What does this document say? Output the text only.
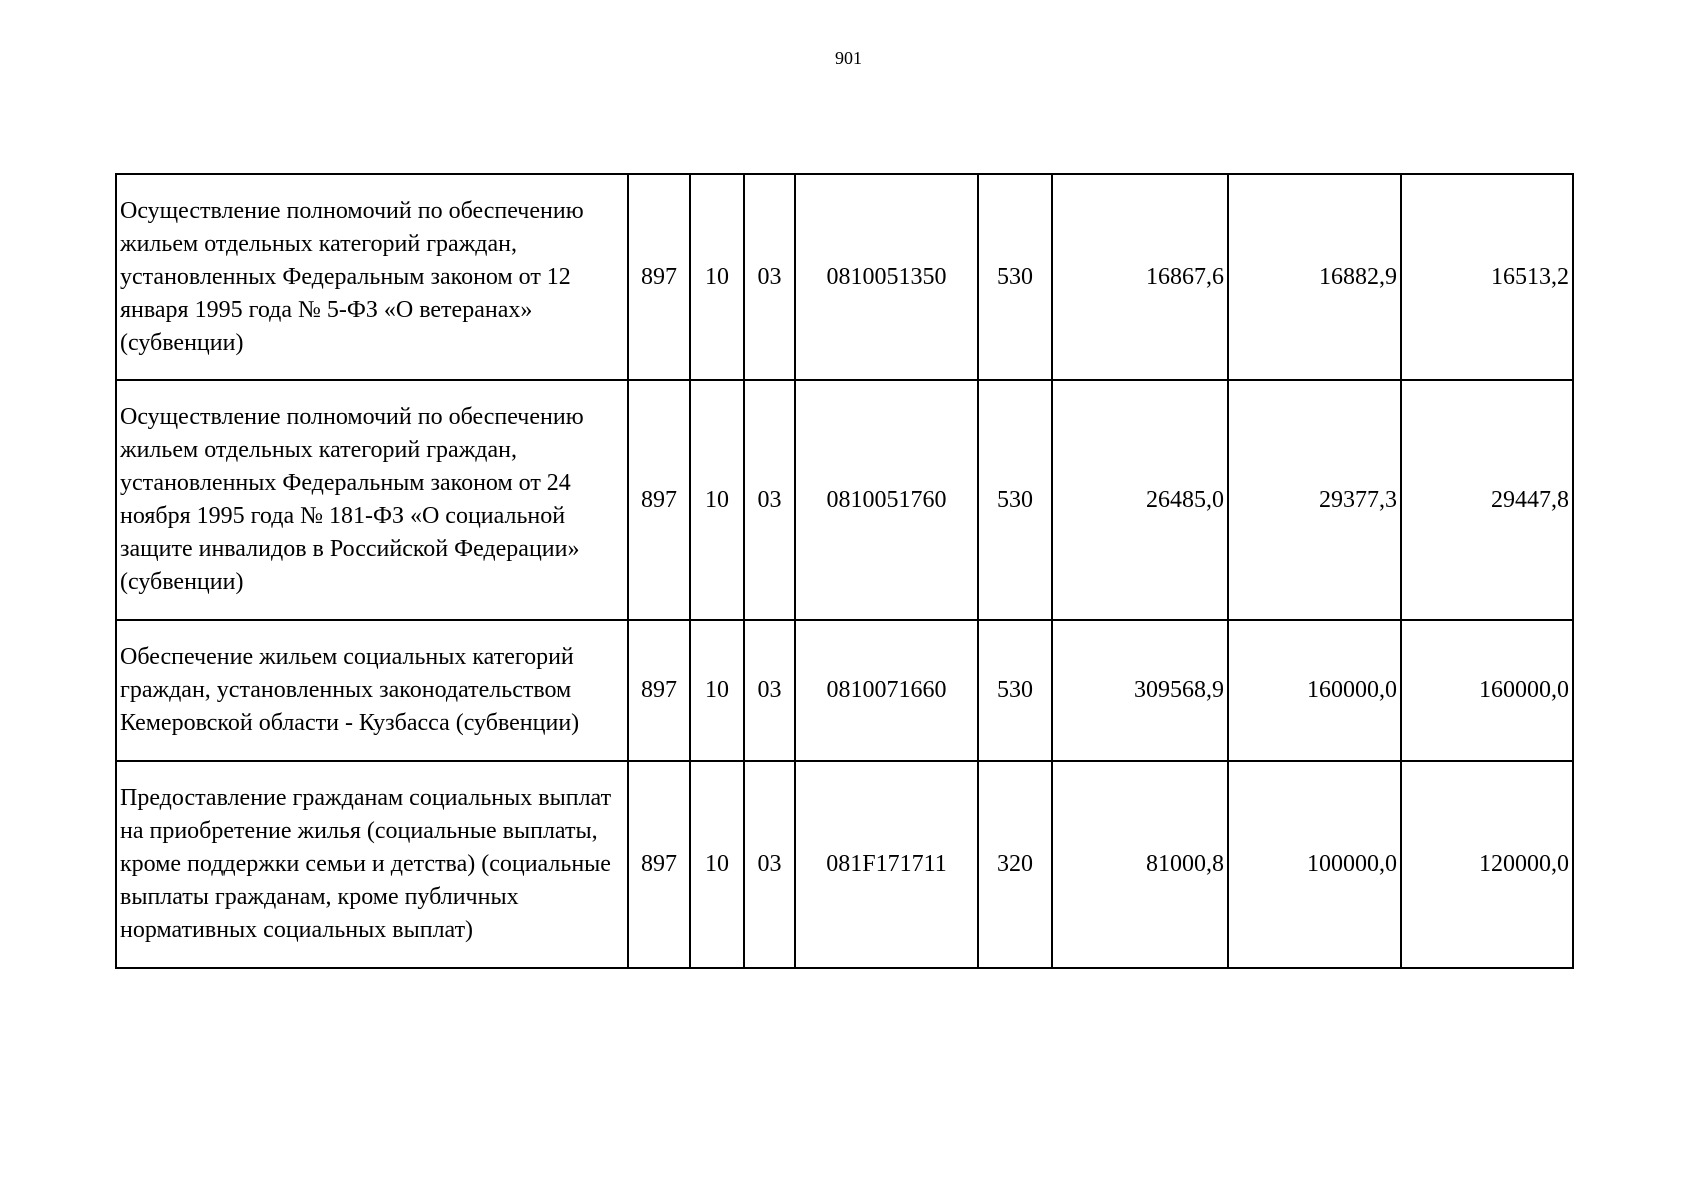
901
Осуществление полномочий по обеспечению жильем отдельных категорий граждан, установленных Федеральным законом от 12 января 1995 года № 5-ФЗ «О ветеранах» (субвенции)	897	10	03	0810051350	530	16867,6	16882,9	16513,2
Осуществление полномочий по обеспечению жильем отдельных категорий граждан, установленных Федеральным законом от 24 ноября 1995 года № 181-ФЗ «О социальной защите инвалидов в Российской Федерации» (субвенции)	897	10	03	0810051760	530	26485,0	29377,3	29447,8
Обеспечение жильем социальных категорий граждан, установленных законодательством Кемеровской области - Кузбасса (субвенции)	897	10	03	0810071660	530	309568,9	160000,0	160000,0
Предоставление гражданам социальных выплат на приобретение жилья (социальные выплаты, кроме поддержки семьи и детства) (социальные выплаты гражданам, кроме публичных нормативных социальных выплат)	897	10	03	081F171711	320	81000,8	100000,0	120000,0
